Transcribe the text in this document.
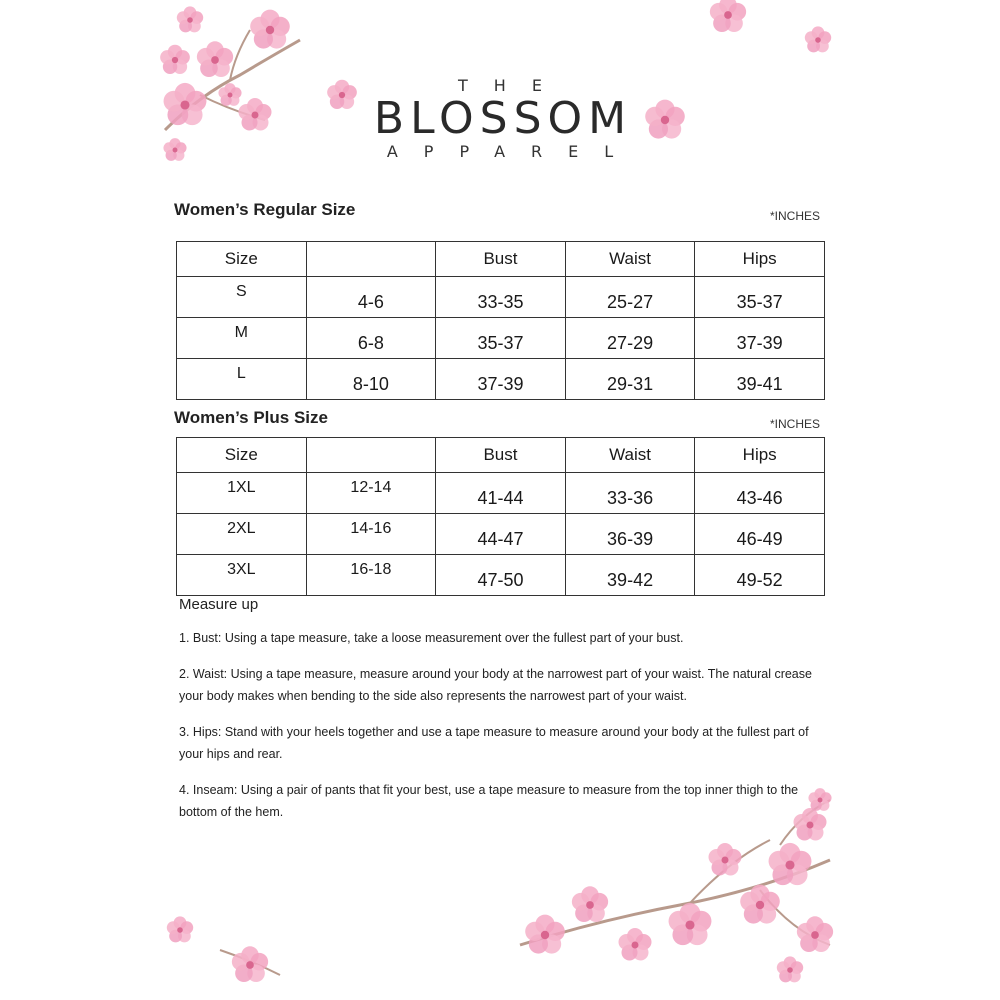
THE
BLOSSOM
APPAREL
Women’s Regular Size	*INCHES
Size		Bust	Waist	Hips
S	4-6	33-35	25-27	35-37
M	6-8	35-37	27-29	37-39
L	8-10	37-39	29-31	39-41
Women’s Plus Size	*INCHES
Size		Bust	Waist	Hips
1XL	12-14	41-44	33-36	43-46
2XL	14-16	44-47	36-39	46-49
3XL	16-18	47-50	39-42	49-52
Measure up

1. Bust: Using a tape measure, take a loose measurement over the fullest part of your bust.

2. Waist: Using a tape measure, measure around your body at the narrowest part of your waist. The natural crease your body makes when bending to the side also represents the narrowest part of your waist.

3. Hips: Stand with your heels together and use a tape measure to measure around your body at the fullest part of your hips and rear.

4. Inseam: Using a pair of pants that fit your best, use a tape measure to measure from the top inner thigh to the bottom of the hem.
